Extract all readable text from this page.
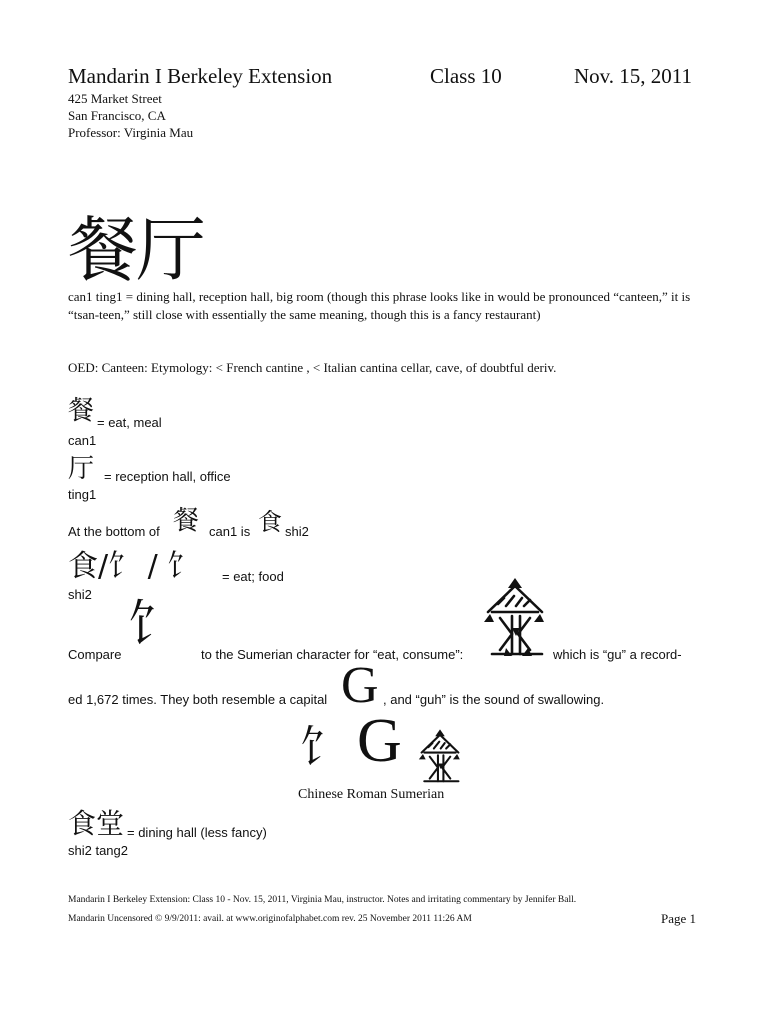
Mandarin I Berkeley Extension	Class 10	Nov. 15, 2011
425 Market Street
San Francisco, CA
Professor: Virginia Mau
餐厅
can1 ting1 = dining hall, reception hall, big room (though this phrase looks like in would be pronounced “canteen,” it is “tsan-teen,” still close with essentially the same meaning, though this is a fancy restaurant)
OED: Canteen: Etymology: < French cantine , < Italian cantina cellar, cave, of doubtful deriv.
餐 = eat, meal
can1
厅 = reception hall, office
ting1
At the bottom of 餐 can1 is 食 shi2
食/饣 / 饣 = eat; food
shi2
Compare
饣
to the Sumerian character for “eat, consume”:	which is “gu” a record-
ed 1,672 times. They both resemble a capital G , and “guh” is the sound of swallowing.
饣 G
Chinese Roman Sumerian
食堂 = dining hall (less fancy)
shi2 tang2
Mandarin I Berkeley Extension: Class 10 - Nov. 15, 2011, Virginia Mau, instructor. Notes and irritating commentary by Jennifer Ball.
Mandarin Uncensored © 9/9/2011: avail. at www.originofalphabet.com rev. 25 November 2011 11:26 AM	Page 1
